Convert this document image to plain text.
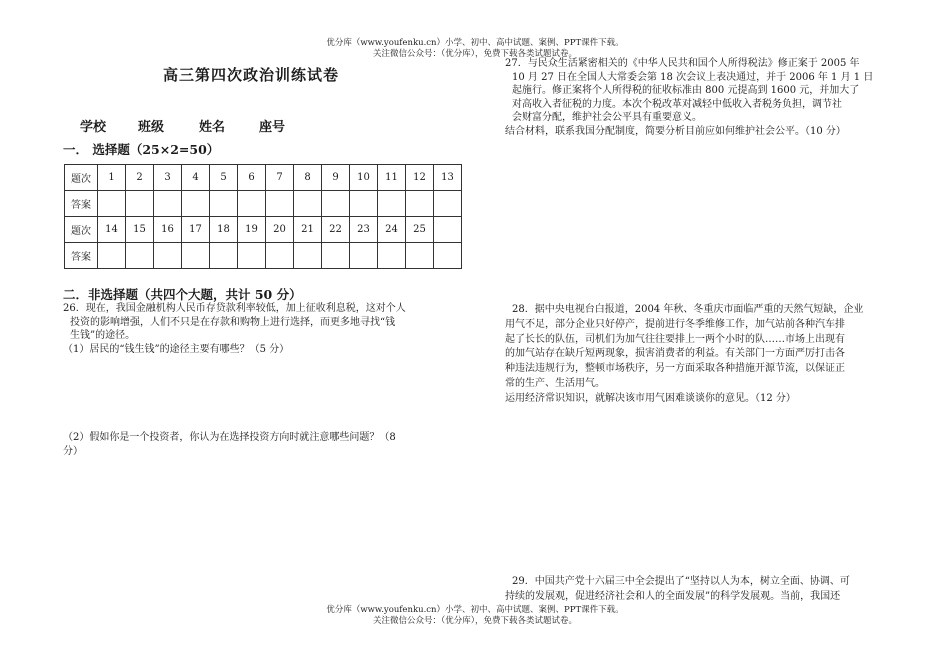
优分库（www.youfenku.cn）小学、初中、高中试题、案例、PPT课件下载。
关注微信公众号：（优分库），免费下载各类试题试卷。
高三第四次政治训练试卷
学校 班级	姓名	座号
一． 选择题（25×2=50）
题次	1	2	3	4	5	6	7	8	9	10	11	12	13
答案													
题次	14	15	16	17	18	19	20	21	22	23	24	25	
答案													
二．非选择题（共四个大题，共计 50 分）
26．现在，我国金融机构人民币存贷款利率较低，加上征收利息税，这对个人
投资的影响增强，人们不只是在存款和购物上进行选择，而更多地寻找“钱
生钱”的途径。
（1）居民的“钱生钱”的途径主要有哪些？（5 分）
（2）假如你是一个投资者，你认为在选择投资方向时就注意哪些问题？（8
分）
27．与民众生活紧密相关的《中华人民共和国个人所得税法》修正案于 2005 年
10 月 27 日在全国人大常委会第 18 次会议上表决通过，并于 2006 年 1 月 1 日
起施行。修正案将个人所得税的征收标准由 800 元提高到 1600 元，并加大了
对高收入者征税的力度。本次个税改革对减轻中低收入者税务负担，调节社
会财富分配，维护社会公平具有重要意义。
结合材料，联系我国分配制度，简要分析目前应如何维护社会公平。（10 分）
28．据中央电视台白报道，2004 年秋、冬重庆市面临严重的天然气短缺，企业
用气不足，部分企业只好停产，提前进行冬季维修工作，加气站前各种汽车排
起了长长的队伍，司机们为加气往往要排上一两个小时的队……市场上出现有
的加气站存在缺斤短两现象，损害消费者的利益。有关部门一方面严厉打击各
种违法违规行为，整顿市场秩序，另一方面采取各种措施开源节流，以保证正
常的生产、生活用气。
运用经济常识知识，就解决该市用气困难谈谈你的意见。（12 分）
29．中国共产党十六届三中全会提出了“坚持以人为本，树立全面、协调、可
持续的发展观，促进经济社会和人的全面发展”的科学发展观。当前，我国还
优分库（www.youfenku.cn）小学、初中、高中试题、案例、PPT课件下载。
关注微信公众号：（优分库），免费下载各类试题试卷。
